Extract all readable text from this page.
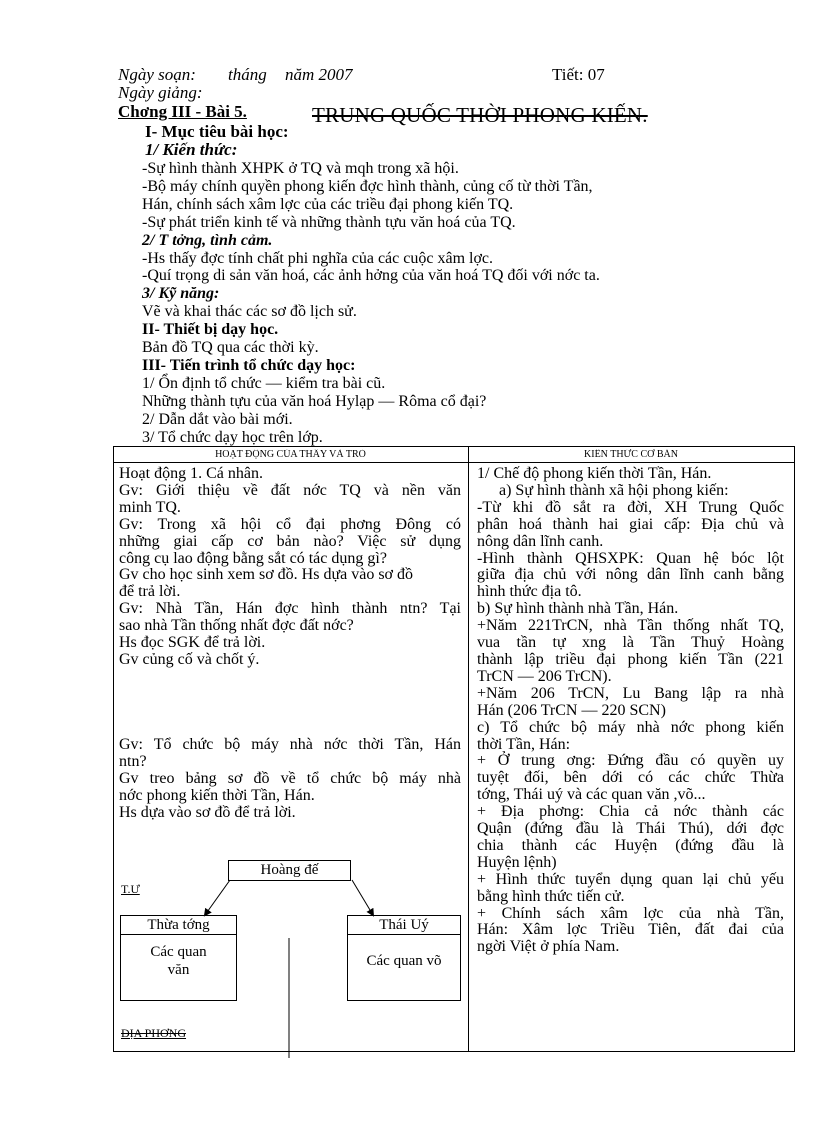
Ngày soạn: tháng năm 2007	Tiết: 07
Ngày giảng:
Chơng III - Bài 5.	TRUNG QUỐC THỜI PHONG KIẾN.
I- Mục tiêu bài học:
1/ Kiến thức:
-Sự hình thành XHPK ở TQ và mqh trong xã hội.
-Bộ máy chính quyền phong kiến đợc hình thành, củng cố từ thời Tần,
Hán, chính sách xâm lợc của các triều đại phong kiến TQ.
-Sự phát triển kinh tế và những thành tựu văn hoá của TQ.
2/ T tởng, tình cảm.
-Hs thấy đợc tính chất phi nghĩa của các cuộc xâm lợc.
-Quí trọng di sản văn hoá, các ảnh hởng của văn hoá TQ đối với nớc ta.
3/ Kỹ năng:
Vẽ và khai thác các sơ đồ lịch sử.
II- Thiết bị dạy học.
Bản đồ TQ qua các thời kỳ.
III- Tiến trình tổ chức dạy học:
1/ Ổn định tổ chức — kiểm tra bài cũ.
Những thành tựu của văn hoá Hylạp — Rôma cổ đại?
2/ Dẫn dắt vào bài mới.
3/ Tổ chức dạy học trên lớp.
HOẠT ĐỘNG CỦA THẦY VÀ TRÒ	KIẾN THỨC CƠ BẢN
Hoạt động 1. Cá nhân.
Gv: Giới thiệu về đất nớc TQ và nền văn
minh TQ.
Gv: Trong xã hội cổ đại phơng Đông có
những giai cấp cơ bản nào? Việc sử dụng
công cụ lao động bằng sắt có tác dụng gì?
Gv cho học sinh xem sơ đồ. Hs dựa vào sơ đồ
để trả lời.
Gv: Nhà Tần, Hán đợc hình thành ntn? Tại
sao nhà Tần thống nhất đợc đất nớc?
Hs đọc SGK để trả lời.
Gv củng cố và chốt ý.
Gv: Tổ chức bộ máy nhà nớc thời Tần, Hán
ntn?
Gv treo bảng sơ đồ về tổ chức bộ máy nhà
nớc phong kiến thời Tần, Hán.
Hs dựa vào sơ đồ để trả lời.
1/ Chế độ phong kiến thời Tần, Hán.
a) Sự hình thành xã hội phong kiến:
-Từ khi đồ sắt ra đời, XH Trung Quốc
phân hoá thành hai giai cấp: Địa chủ và
nông dân lĩnh canh.
-Hình thành QHSXPK: Quan hệ bóc lột
giữa địa chủ với nông dân lĩnh canh bằng
hình thức địa tô.
b) Sự hình thành nhà Tần, Hán.
+Năm 221TrCN, nhà Tần thống nhất TQ,
vua tần tự xng là Tần Thuỷ Hoàng
thành lập triều đại phong kiến Tần (221
TrCN — 206 TrCN).
+Năm 206 TrCN, Lu Bang lập ra nhà
Hán (206 TrCN — 220 SCN)
c) Tổ chức bộ máy nhà nớc phong kiến
thời Tần, Hán:
+ Ở trung ơng: Đứng đầu có quyền uy
tuyệt đối, bên dới có các chức Thừa
tớng, Thái uý và các quan văn ,võ...
+ Địa phơng: Chia cả nớc thành các
Quận (đứng đầu là Thái Thú), dới đợc
chia thành các Huyện (đứng đầu là
Huyện lệnh)
+ Hình thức tuyển dụng quan lại chủ yếu
bằng hình thức tiến cử.
+ Chính sách xâm lợc của nhà Tần,
Hán: Xâm lợc Triều Tiên, đất đai của
ngời Việt ở phía Nam.
Hoàng đế
T.Ư
Thừa tớng
Các quan
văn
Thái Uý
Các quan võ
ĐỊA PHƠNG
